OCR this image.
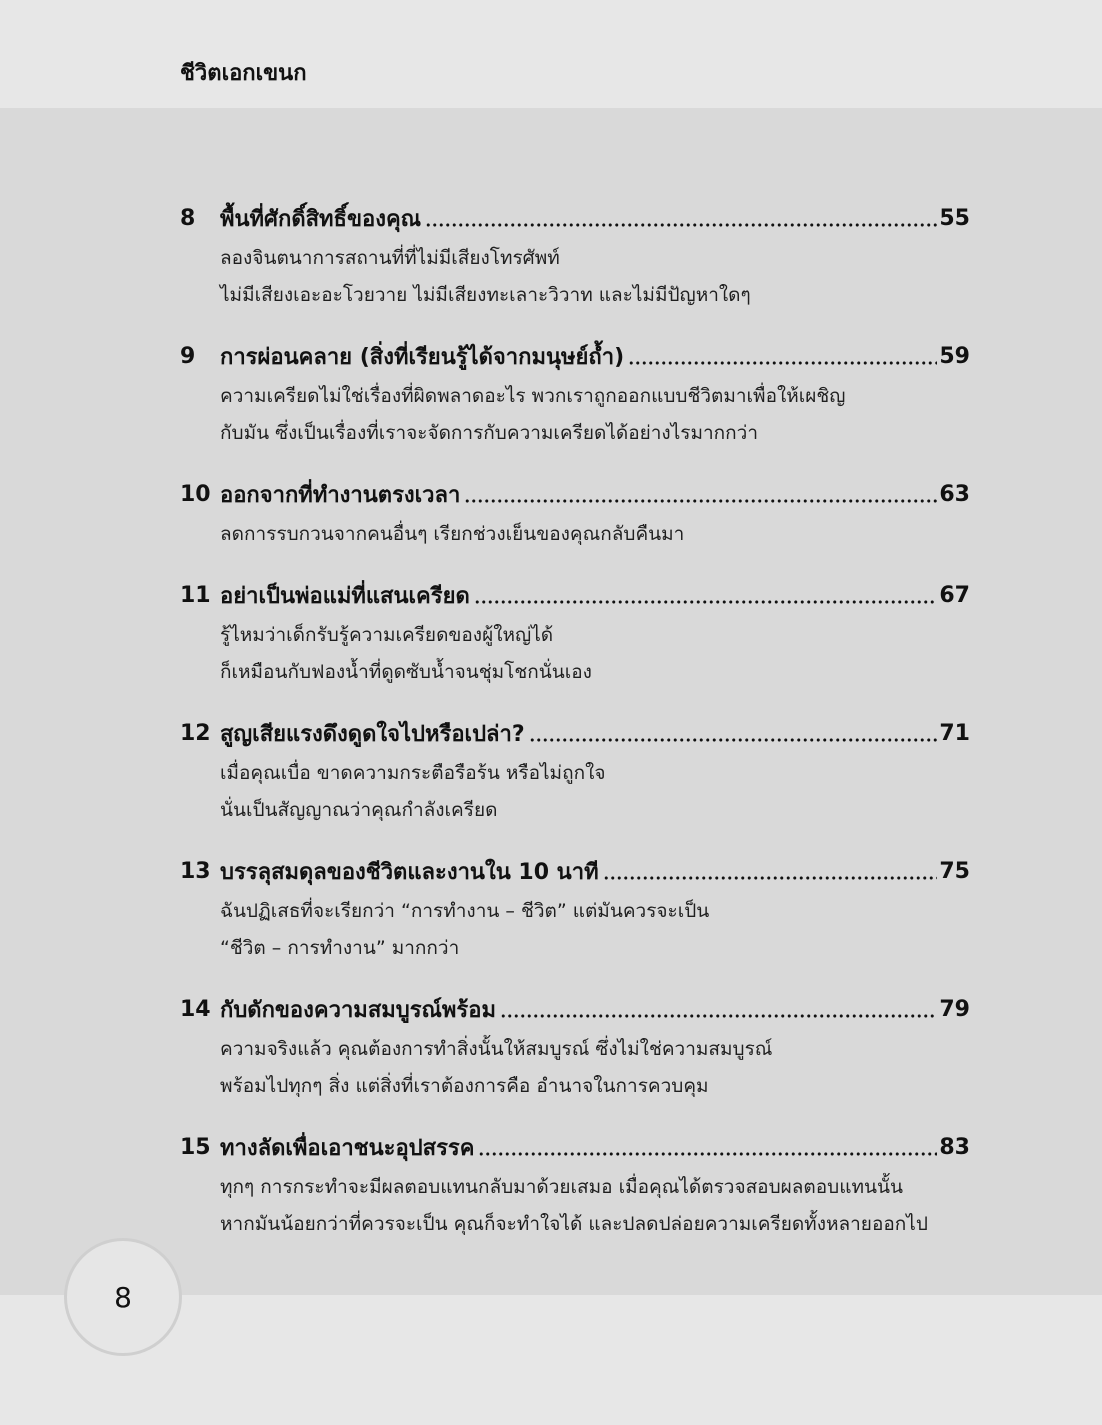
ชีวิตเอกเขนก
8	พื้นที่ศักดิ์สิทธิ์ของคุณ	55
ลองจินตนาการสถานที่ที่ไม่มีเสียงโทรศัพท์
ไม่มีเสียงเอะอะโวยวาย ไม่มีเสียงทะเลาะวิวาท และไม่มีปัญหาใดๆ
9	การผ่อนคลาย (สิ่งที่เรียนรู้ได้จากมนุษย์ถ้ำ)	59
ความเครียดไม่ใช่เรื่องที่ผิดพลาดอะไร พวกเราถูกออกแบบชีวิตมาเพื่อให้เผชิญ
กับมัน ซึ่งเป็นเรื่องที่เราจะจัดการกับความเครียดได้อย่างไรมากกว่า
10 ออกจากที่ทำงานตรงเวลา	63
ลดการรบกวนจากคนอื่นๆ เรียกช่วงเย็นของคุณกลับคืนมา
11 อย่าเป็นพ่อแม่ที่แสนเครียด	67
รู้ไหมว่าเด็กรับรู้ความเครียดของผู้ใหญ่ได้
ก็เหมือนกับฟองน้ำที่ดูดซับน้ำจนชุ่มโชกนั่นเอง
12 สูญเสียแรงดึงดูดใจไปหรือเปล่า?	71
เมื่อคุณเบื่อ ขาดความกระตือรือร้น หรือไม่ถูกใจ
นั่นเป็นสัญญาณว่าคุณกำลังเครียด
13 บรรลุสมดุลของชีวิตและงานใน 10 นาที	75
ฉันปฏิเสธที่จะเรียกว่า “การทำงาน – ชีวิต” แต่มันควรจะเป็น
“ชีวิต – การทำงาน” มากกว่า
14 กับดักของความสมบูรณ์พร้อม	79
ความจริงแล้ว คุณต้องการทำสิ่งนั้นให้สมบูรณ์ ซึ่งไม่ใช่ความสมบูรณ์
พร้อมไปทุกๆ สิ่ง แต่สิ่งที่เราต้องการคือ อำนาจในการควบคุม
15 ทางลัดเพื่อเอาชนะอุปสรรค	83
ทุกๆ การกระทำจะมีผลตอบแทนกลับมาด้วยเสมอ เมื่อคุณได้ตรวจสอบผลตอบแทนนั้น
หากมันน้อยกว่าที่ควรจะเป็น คุณก็จะทำใจได้ และปลดปล่อยความเครียดทั้งหลายออกไป
8
